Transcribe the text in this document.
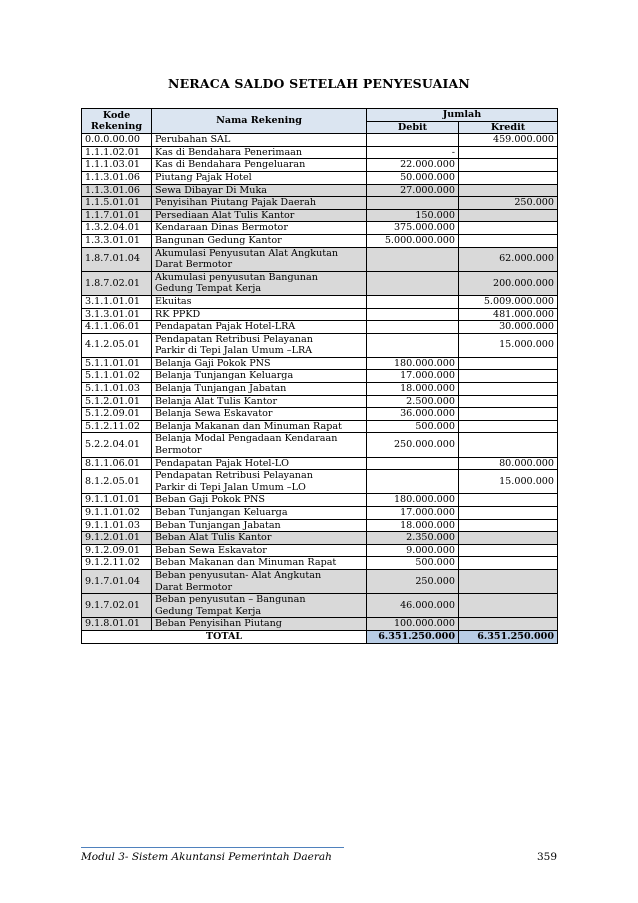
NERACA SALDO SETELAH PENYESUAIAN
Kode
Rekening	Nama Rekening	Jumlah	
		Debit	Kredit
0.0.0.00.00	Perubahan SAL		459.000.000
1.1.1.02.01	Kas di Bendahara Penerimaan	-	
1.1.1.03.01	Kas di Bendahara Pengeluaran	22.000.000	
1.1.3.01.06	Piutang Pajak Hotel	50.000.000	
1.1.3.01.06	Sewa Dibayar Di Muka	27.000.000	
1.1.5.01.01	Penyisihan Piutang Pajak Daerah		250.000
1.1.7.01.01	Persediaan Alat Tulis Kantor	150.000	
1.3.2.04.01	Kendaraan Dinas Bermotor	375.000.000	
1.3.3.01.01	Bangunan Gedung Kantor	5.000.000.000	
1.8.7.01.04	Akumulasi Penyusutan Alat Angkutan
Darat Bermotor		62.000.000
1.8.7.02.01	Akumulasi penyusutan Bangunan
Gedung Tempat Kerja		200.000.000
3.1.1.01.01	Ekuitas		5.009.000.000
3.1.3.01.01	RK PPKD		481.000.000
4.1.1.06.01	Pendapatan Pajak Hotel-LRA		30.000.000
4.1.2.05.01	Pendapatan Retribusi Pelayanan
Parkir di Tepi Jalan Umum –LRA		15.000.000
5.1.1.01.01	Belanja Gaji Pokok PNS	180.000.000	
5.1.1.01.02	Belanja Tunjangan Keluarga	17.000.000	
5.1.1.01.03	Belanja Tunjangan Jabatan	18.000.000	
5.1.2.01.01	Belanja Alat Tulis Kantor	2.500.000	
5.1.2.09.01	Belanja Sewa Eskavator	36.000.000	
5.1.2.11.02	Belanja Makanan dan Minuman Rapat	500.000	
5.2.2.04.01	Belanja Modal Pengadaan Kendaraan
Bermotor	250.000.000	
8.1.1.06.01	Pendapatan Pajak Hotel-LO		80.000.000
8.1.2.05.01	Pendapatan Retribusi Pelayanan
Parkir di Tepi Jalan Umum –LO		15.000.000
9.1.1.01.01	Beban Gaji Pokok PNS	180.000.000	
9.1.1.01.02	Beban Tunjangan Keluarga	17.000.000	
9.1.1.01.03	Beban Tunjangan Jabatan	18.000.000	
9.1.2.01.01	Beban Alat Tulis Kantor	2.350.000	
9.1.2.09.01	Beban Sewa Eskavator	9.000.000	
9.1.2.11.02	Beban Makanan dan Minuman Rapat	500.000	
9.1.7.01.04	Beban penyusutan- Alat Angkutan
Darat Bermotor	250.000	
9.1.7.02.01	Beban penyusutan – Bangunan
Gedung Tempat Kerja	46.000.000	
9.1.8.01.01	Beban Penyisihan Piutang	100.000.000	
TOTAL		6.351.250.000	6.351.250.000
Modul 3- Sistem Akuntansi Pemerintah Daerah	359
